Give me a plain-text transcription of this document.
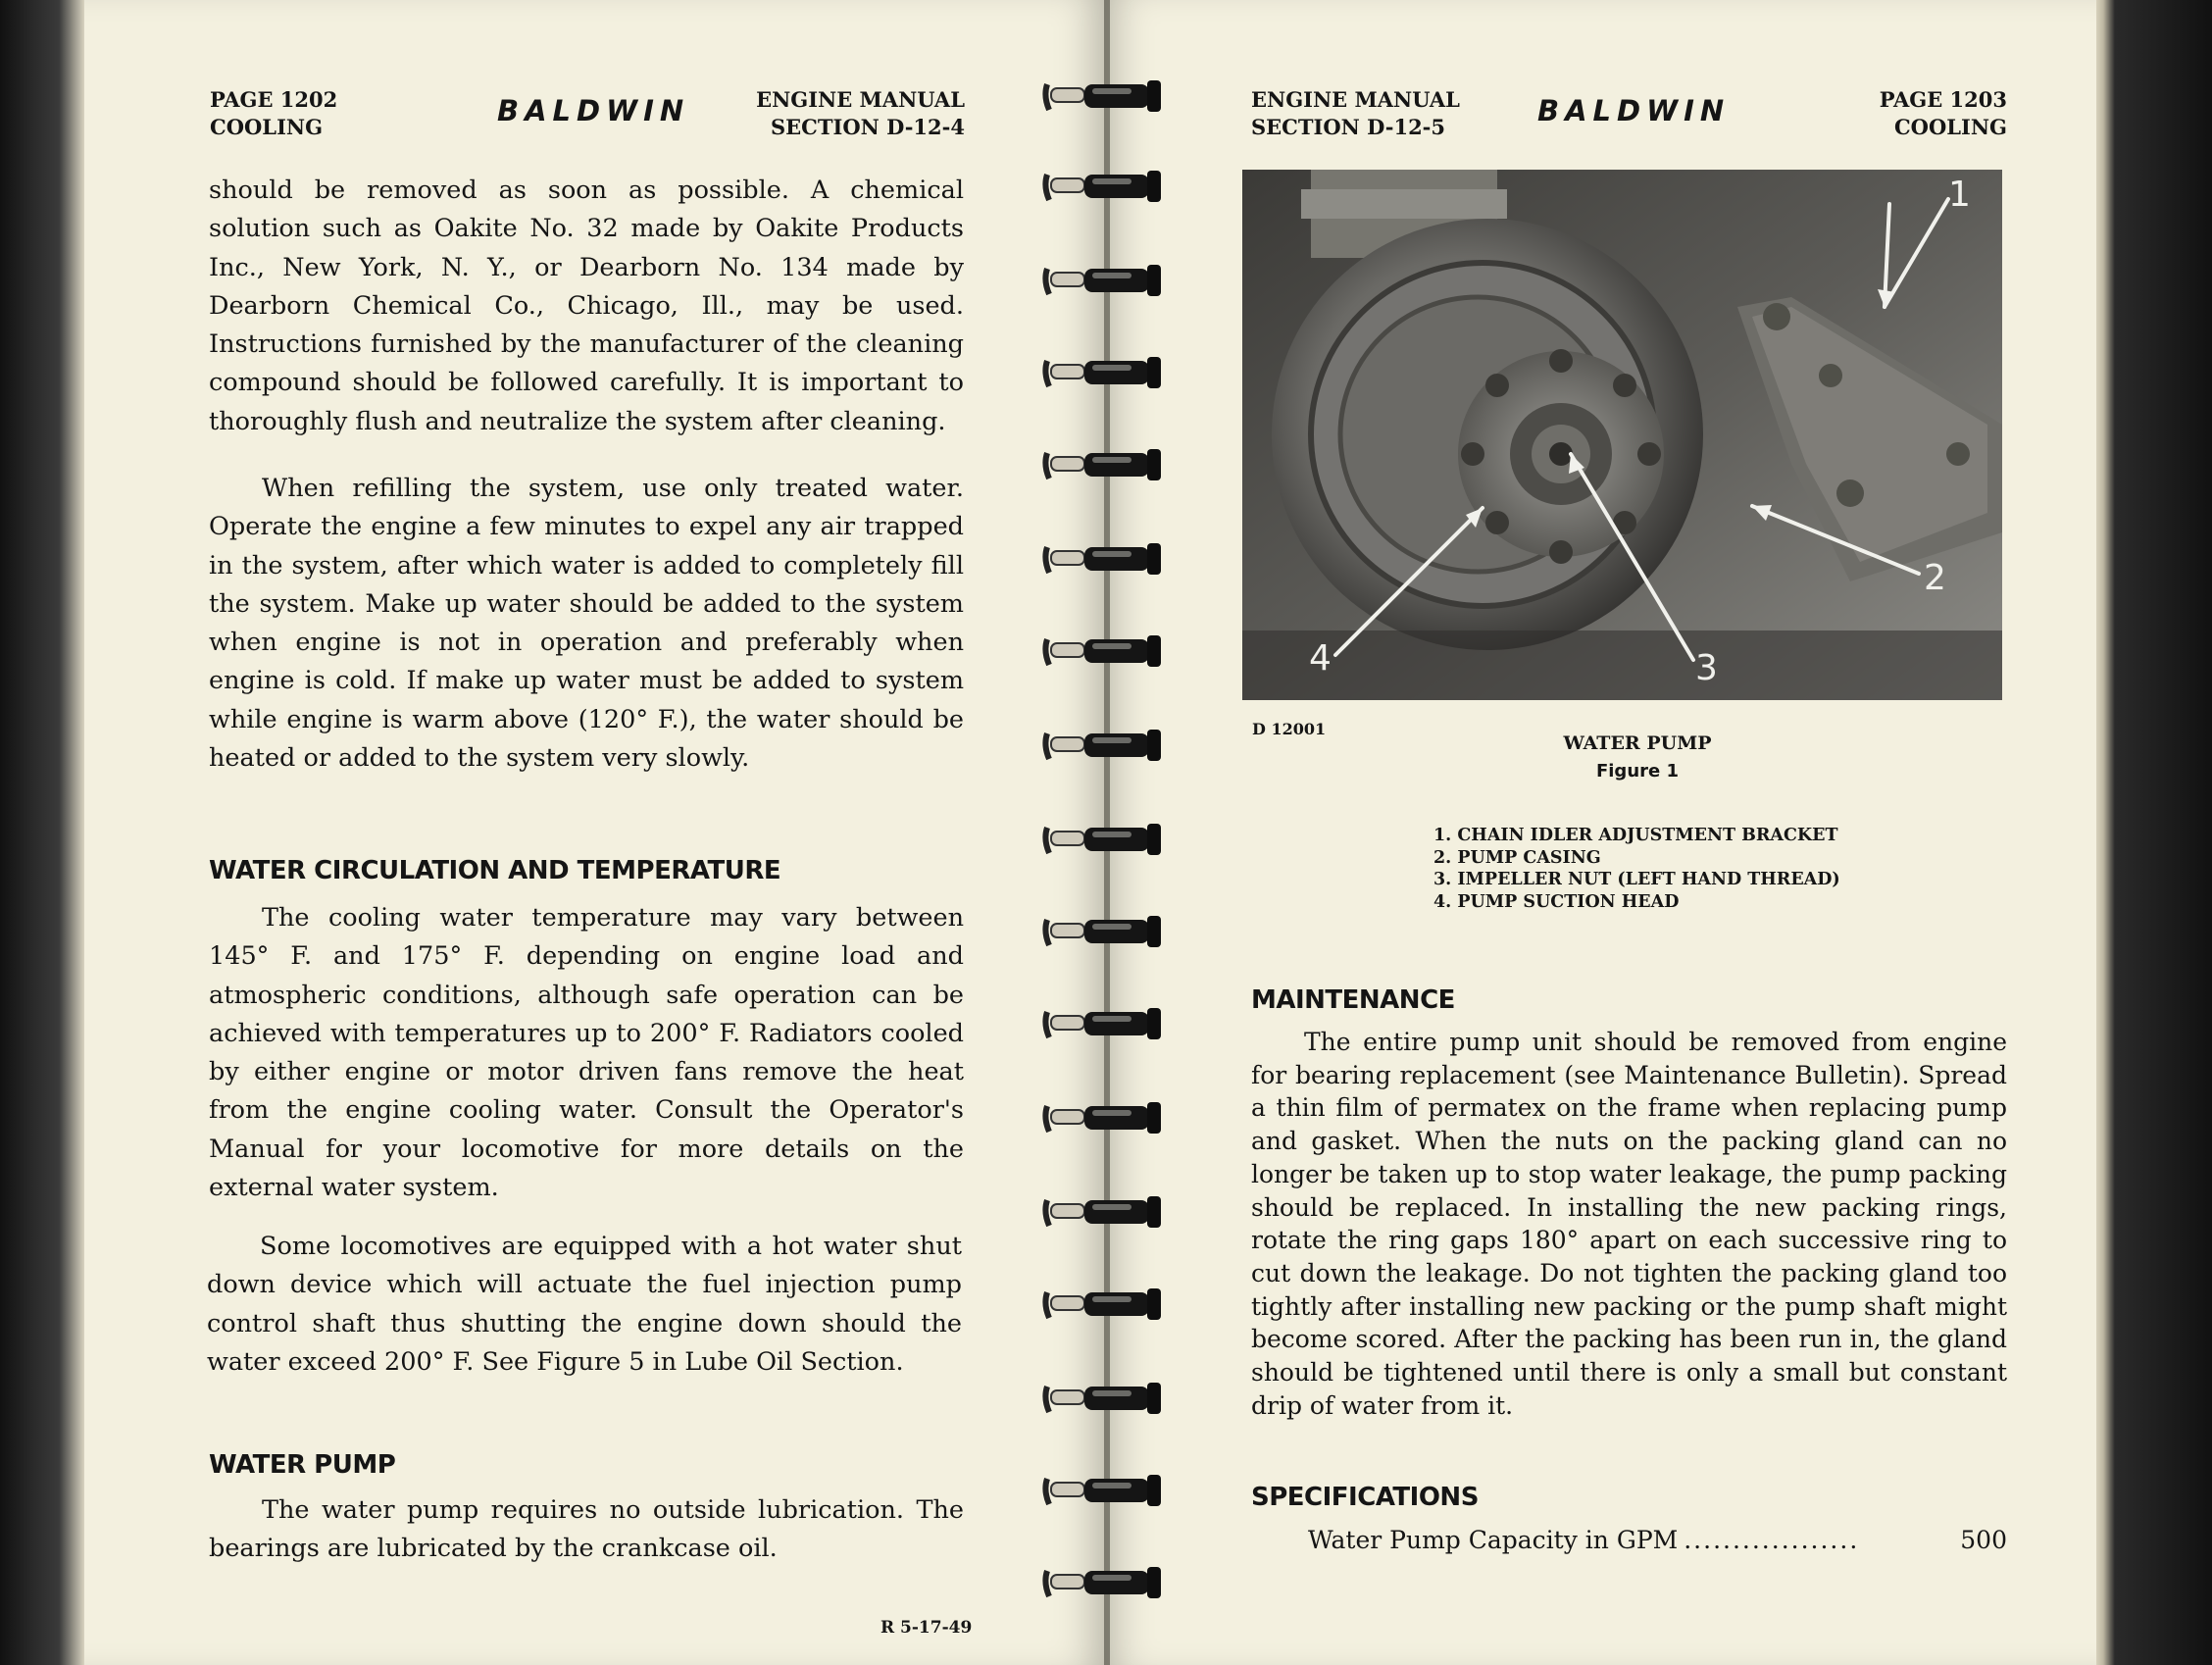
PAGE 1202
COOLING	BALDWIN	ENGINE MANUAL
SECTION D-12-4

should be removed as soon as possible. A chemical solution such as Oakite No. 32 made by Oakite Products Inc., New York, N. Y., or Dearborn No. 134 made by Dearborn Chemical Co., Chicago, Ill., may be used. Instructions furnished by the manufacturer of the cleaning compound should be followed carefully. It is important to thoroughly flush and neutralize the system after cleaning.

When refilling the system, use only treated water. Operate the engine a few minutes to expel any air trapped in the system, after which water is added to completely fill the system. Make up water should be added to the system when engine is not in operation and preferably when engine is cold. If make up water must be added to system while engine is warm above (120° F.), the water should be heated or added to the system very slowly.

WATER CIRCULATION AND TEMPERATURE

The cooling water temperature may vary between 145° F. and 175° F. depending on engine load and atmospheric conditions, although safe operation can be achieved with temperatures up to 200° F. Radiators cooled by either engine or motor driven fans remove the heat from the engine cooling water. Consult the Operator's Manual for your locomotive for more details on the external water system.

Some locomotives are equipped with a hot water shut down device which will actuate the fuel injection pump control shaft thus shutting the engine down should the water exceed 200° F. See Figure 5 in Lube Oil Section.

WATER PUMP

The water pump requires no outside lubrication. The bearings are lubricated by the crankcase oil.

R 5-17-49
ENGINE MANUAL
SECTION D-12-5	BALDWIN	PAGE 1203
COOLING
1
2
3
4
D 12001
WATER PUMP
Figure 1
1. CHAIN IDLER ADJUSTMENT BRACKET
2. PUMP CASING
3. IMPELLER NUT (LEFT HAND THREAD)
4. PUMP SUCTION HEAD
MAINTENANCE

The entire pump unit should be removed from engine for bearing replacement (see Maintenance Bulletin). Spread a thin film of permatex on the frame when replacing pump and gasket. When the nuts on the packing gland can no longer be taken up to stop water leakage, the pump packing should be replaced. In installing the new packing rings, rotate the ring gaps 180° apart on each successive ring to cut down the leakage. Do not tighten the packing gland too tightly after installing new packing or the pump shaft might become scored. After the packing has been run in, the gland should be tightened until there is only a small but constant drip of water from it.

SPECIFICATIONS
Water Pump Capacity in GPM ..................	500
